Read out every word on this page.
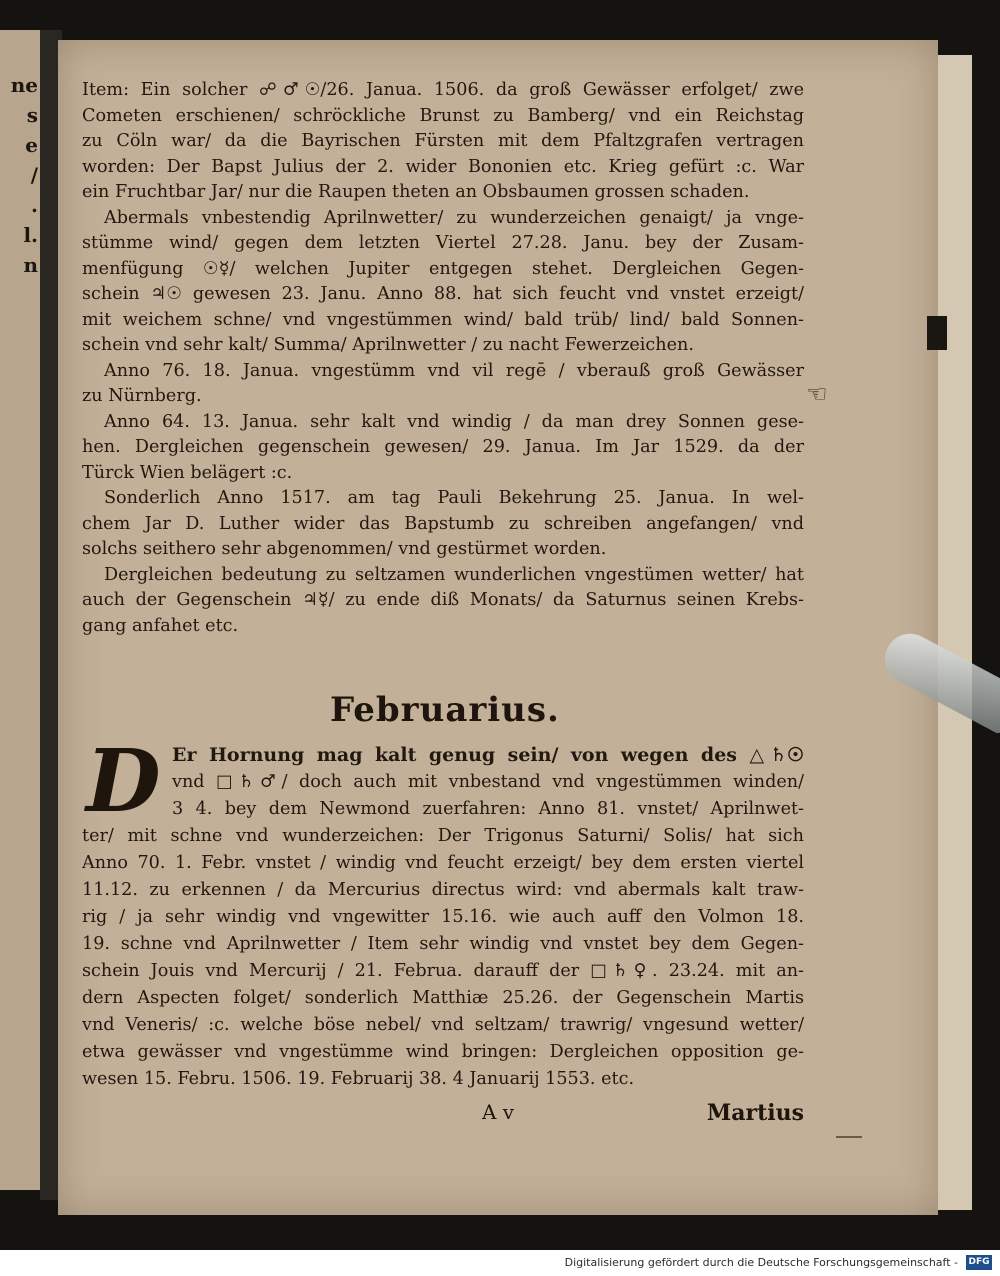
ne
s
e
/
.
l.
n
☜
Item: Ein solcher ☍♂☉/26. Janua. 1506. da groß Gewässer erfolget/ zwe
Cometen erschienen/ schröckliche Brunst zu Bamberg/ vnd ein Reichstag
zu Cöln war/ da die Bayrischen Fürsten mit dem Pfaltzgrafen vertragen
worden: Der Bapst Julius der 2. wider Bononien etc. Krieg gefürt :c. War
ein Fruchtbar Jar/ nur die Raupen theten an Obsbaumen grossen schaden.
Abermals vnbestendig Aprilnwetter/ zu wunderzeichen genaigt/ ja vnge-
stümme wind/ gegen dem letzten Viertel 27.28. Janu. bey der Zusam-
menfügung ☉☿/ welchen Jupiter entgegen stehet. Dergleichen Gegen-
schein ♃☉ gewesen 23. Janu. Anno 88. hat sich feucht vnd vnstet erzeigt/
mit weichem schne/ vnd vngestümmen wind/ bald trüb/ lind/ bald Sonnen-
schein vnd sehr kalt/ Summa/ Aprilnwetter / zu nacht Fewerzeichen.
Anno 76. 18. Janua. vngestümm vnd vil regē / vberauß groß Gewässer
zu Nürnberg.
Anno 64. 13. Janua. sehr kalt vnd windig / da man drey Sonnen gese-
hen. Dergleichen gegenschein gewesen/ 29. Janua. Im Jar 1529. da der
Türck Wien belägert :c.
Sonderlich Anno 1517. am tag Pauli Bekehrung 25. Janua. In wel-
chem Jar D. Luther wider das Bapstumb zu schreiben angefangen/ vnd
solchs seithero sehr abgenommen/ vnd gestürmet worden.
Dergleichen bedeutung zu seltzamen wunderlichen vngestümen wetter/ hat
auch der Gegenschein ♃☿/ zu ende diß Monats/ da Saturnus seinen Krebs-
gang anfahet etc.
Februarius.
D Er Hornung mag kalt genug sein/ von wegen des △♄☉
vnd □♄♂/ doch auch mit vnbestand vnd vngestümmen winden/
3 4. bey dem Newmond zuerfahren: Anno 81. vnstet/ Aprilnwet-
ter/ mit schne vnd wunderzeichen: Der Trigonus Saturni/ Solis/ hat sich
Anno 70. 1. Febr. vnstet / windig vnd feucht erzeigt/ bey dem ersten viertel
11.12. zu erkennen / da Mercurius directus wird: vnd abermals kalt traw-
rig / ja sehr windig vnd vngewitter 15.16. wie auch auff den Volmon 18.
19. schne vnd Aprilnwetter / Item sehr windig vnd vnstet bey dem Gegen-
schein Jouis vnd Mercurij / 21. Februa. darauff der □♄♀. 23.24. mit an-
dern Aspecten folget/ sonderlich Matthiæ 25.26. der Gegenschein Martis
vnd Veneris/ :c. welche böse nebel/ vnd seltzam/ trawrig/ vngesund wetter/
etwa gewässer vnd vngestümme wind bringen: Dergleichen opposition ge-
wesen 15. Febru. 1506. 19. Februarij 38. 4 Januarij 1553. etc.
A v	Martius
Digitalisierung gefördert durch die Deutsche Forschungsgemeinschaft - DFG
